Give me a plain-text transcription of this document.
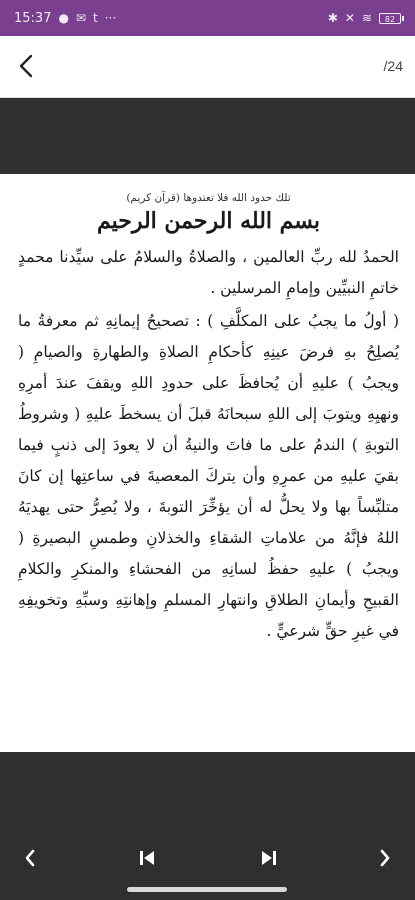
15:37 ● ✉ t ···	✱ ✕ ≋	82
/24
تلك حدود الله فلا تعتدوها (قرآن كريم)
بسم الله الرحمن الرحيم

الحمدُ لله ربِّ العالمين ، والصلاةُ والسلامُ على سيِّدنا محمدٍ خاتمِ النبيِّين وإمامِ المرسلين .

( أولُ ما يجبُ على المكلَّفِ ) : تصحيحُ إيمانِهِ ثم معرفةُ ما يُصلِحُ بهِ فرضَ عينِهِ كأحكامِ الصلاةِ والطهارةِ والصيامِ ( ويجبُ ) عليهِ أن يُحافظَ على حدودِ اللهِ ويقفَ عندَ أمرِهِ ونهيِهِ ويتوبَ إلى اللهِ سبحانَهُ قبلَ أن يسخطَ عليهِ ( وشروطُ التوبةِ ) الندمُ على ما فاتَ والنيةُ أن لا يعودَ إلى ذنبٍ فيما بقيَ عليهِ من عمرِهِ وأن يتركَ المعصيةَ في ساعتِها إن كانَ متلبِّساً بها ولا يحلُّ له أن يؤخِّرَ التوبةَ ، ولا يُصِرُّ حتى يهديَهُ اللهُ فإنَّهُ من علاماتِ الشقاءِ والخذلانِ وطمسِ البصيرةِ ( ويجبُ ) عليهِ حفظُ لسانِهِ من الفحشاءِ والمنكرِ والكلامِ القبيحِ وأيمانِ الطلاقِ وانتهارِ المسلمِ وإهانتِهِ وسبِّهِ وتخويفِهِ في غيرِ حقٍّ شرعيٍّ .
